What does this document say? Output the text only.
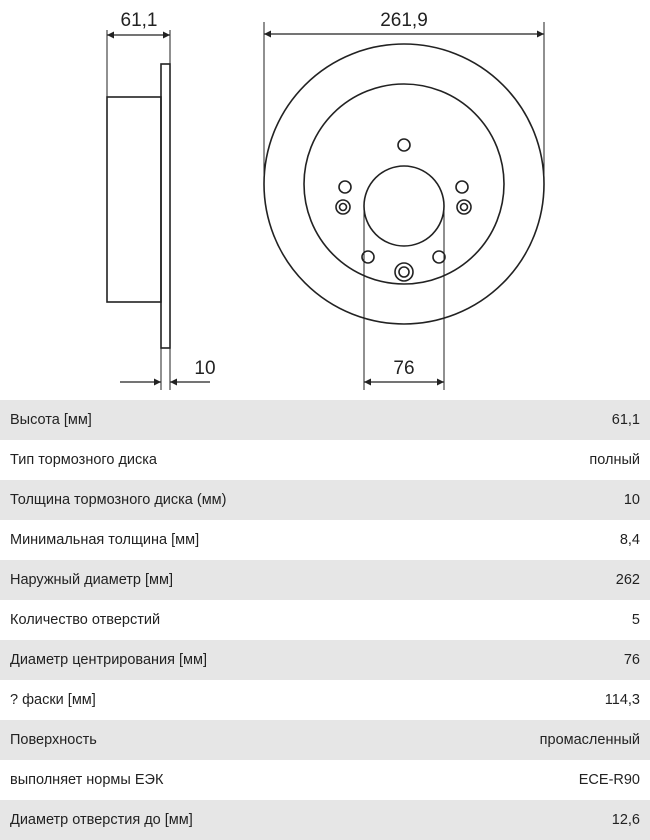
61,1
10
261,9
76
Высота [мм]	61,1
Тип тормозного диска	полный
Толщина тормозного диска (мм)	10
Минимальная толщина [мм]	8,4
Наружный диаметр [мм]	262
Количество отверстий	5
Диаметр центрирования [мм]	76
? фаски [мм]	114,3
Поверхность	промасленный
выполняет нормы ЕЭК	ECE-R90
Диаметр отверстия до [мм]	12,6
